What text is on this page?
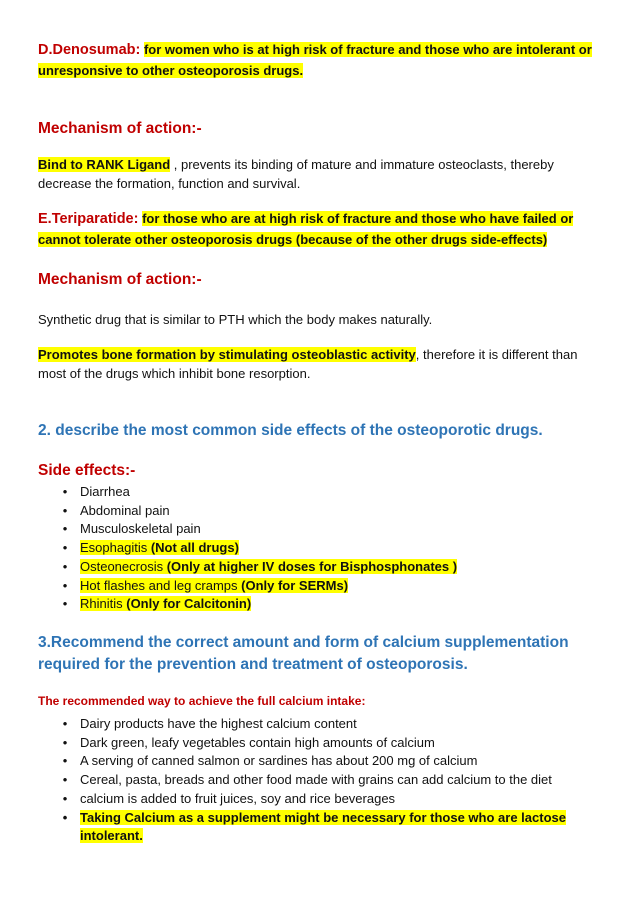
D.Denosumab: for women who is at high risk of fracture and those who are intolerant or unresponsive to other osteoporosis drugs.

Mechanism of action:-

Bind to RANK Ligand , prevents its binding of mature and immature osteoclasts, thereby decrease the formation, function and survival.

E.Teriparatide: for those who are at high risk of fracture and those who have failed or cannot tolerate other osteoporosis drugs (because of the other drugs side-effects)

Mechanism of action:-

Synthetic drug that is similar to PTH which the body makes naturally.

Promotes bone formation by stimulating osteoblastic activity, therefore it is different than most of the drugs which inhibit bone resorption.

2. describe the most common side effects of the osteoporotic drugs.

Side effects:-

• Diarrhea
• Abdominal pain
• Musculoskeletal pain
• Esophagitis (Not all drugs)
• Osteonecrosis (Only at higher IV doses for Bisphosphonates )
• Hot flashes and leg cramps (Only for SERMs)
• Rhinitis (Only for Calcitonin)

3.Recommend the correct amount and form of calcium supplementation required for the prevention and treatment of osteoporosis.

The recommended way to achieve the full calcium intake:

• Dairy products have the highest calcium content
• Dark green, leafy vegetables contain high amounts of calcium
• A serving of canned salmon or sardines has about 200 mg of calcium
• Cereal, pasta, breads and other food made with grains can add calcium to the diet
• calcium is added to fruit juices, soy and rice beverages
• Taking Calcium as a supplement might be necessary for those who are lactose intolerant.
